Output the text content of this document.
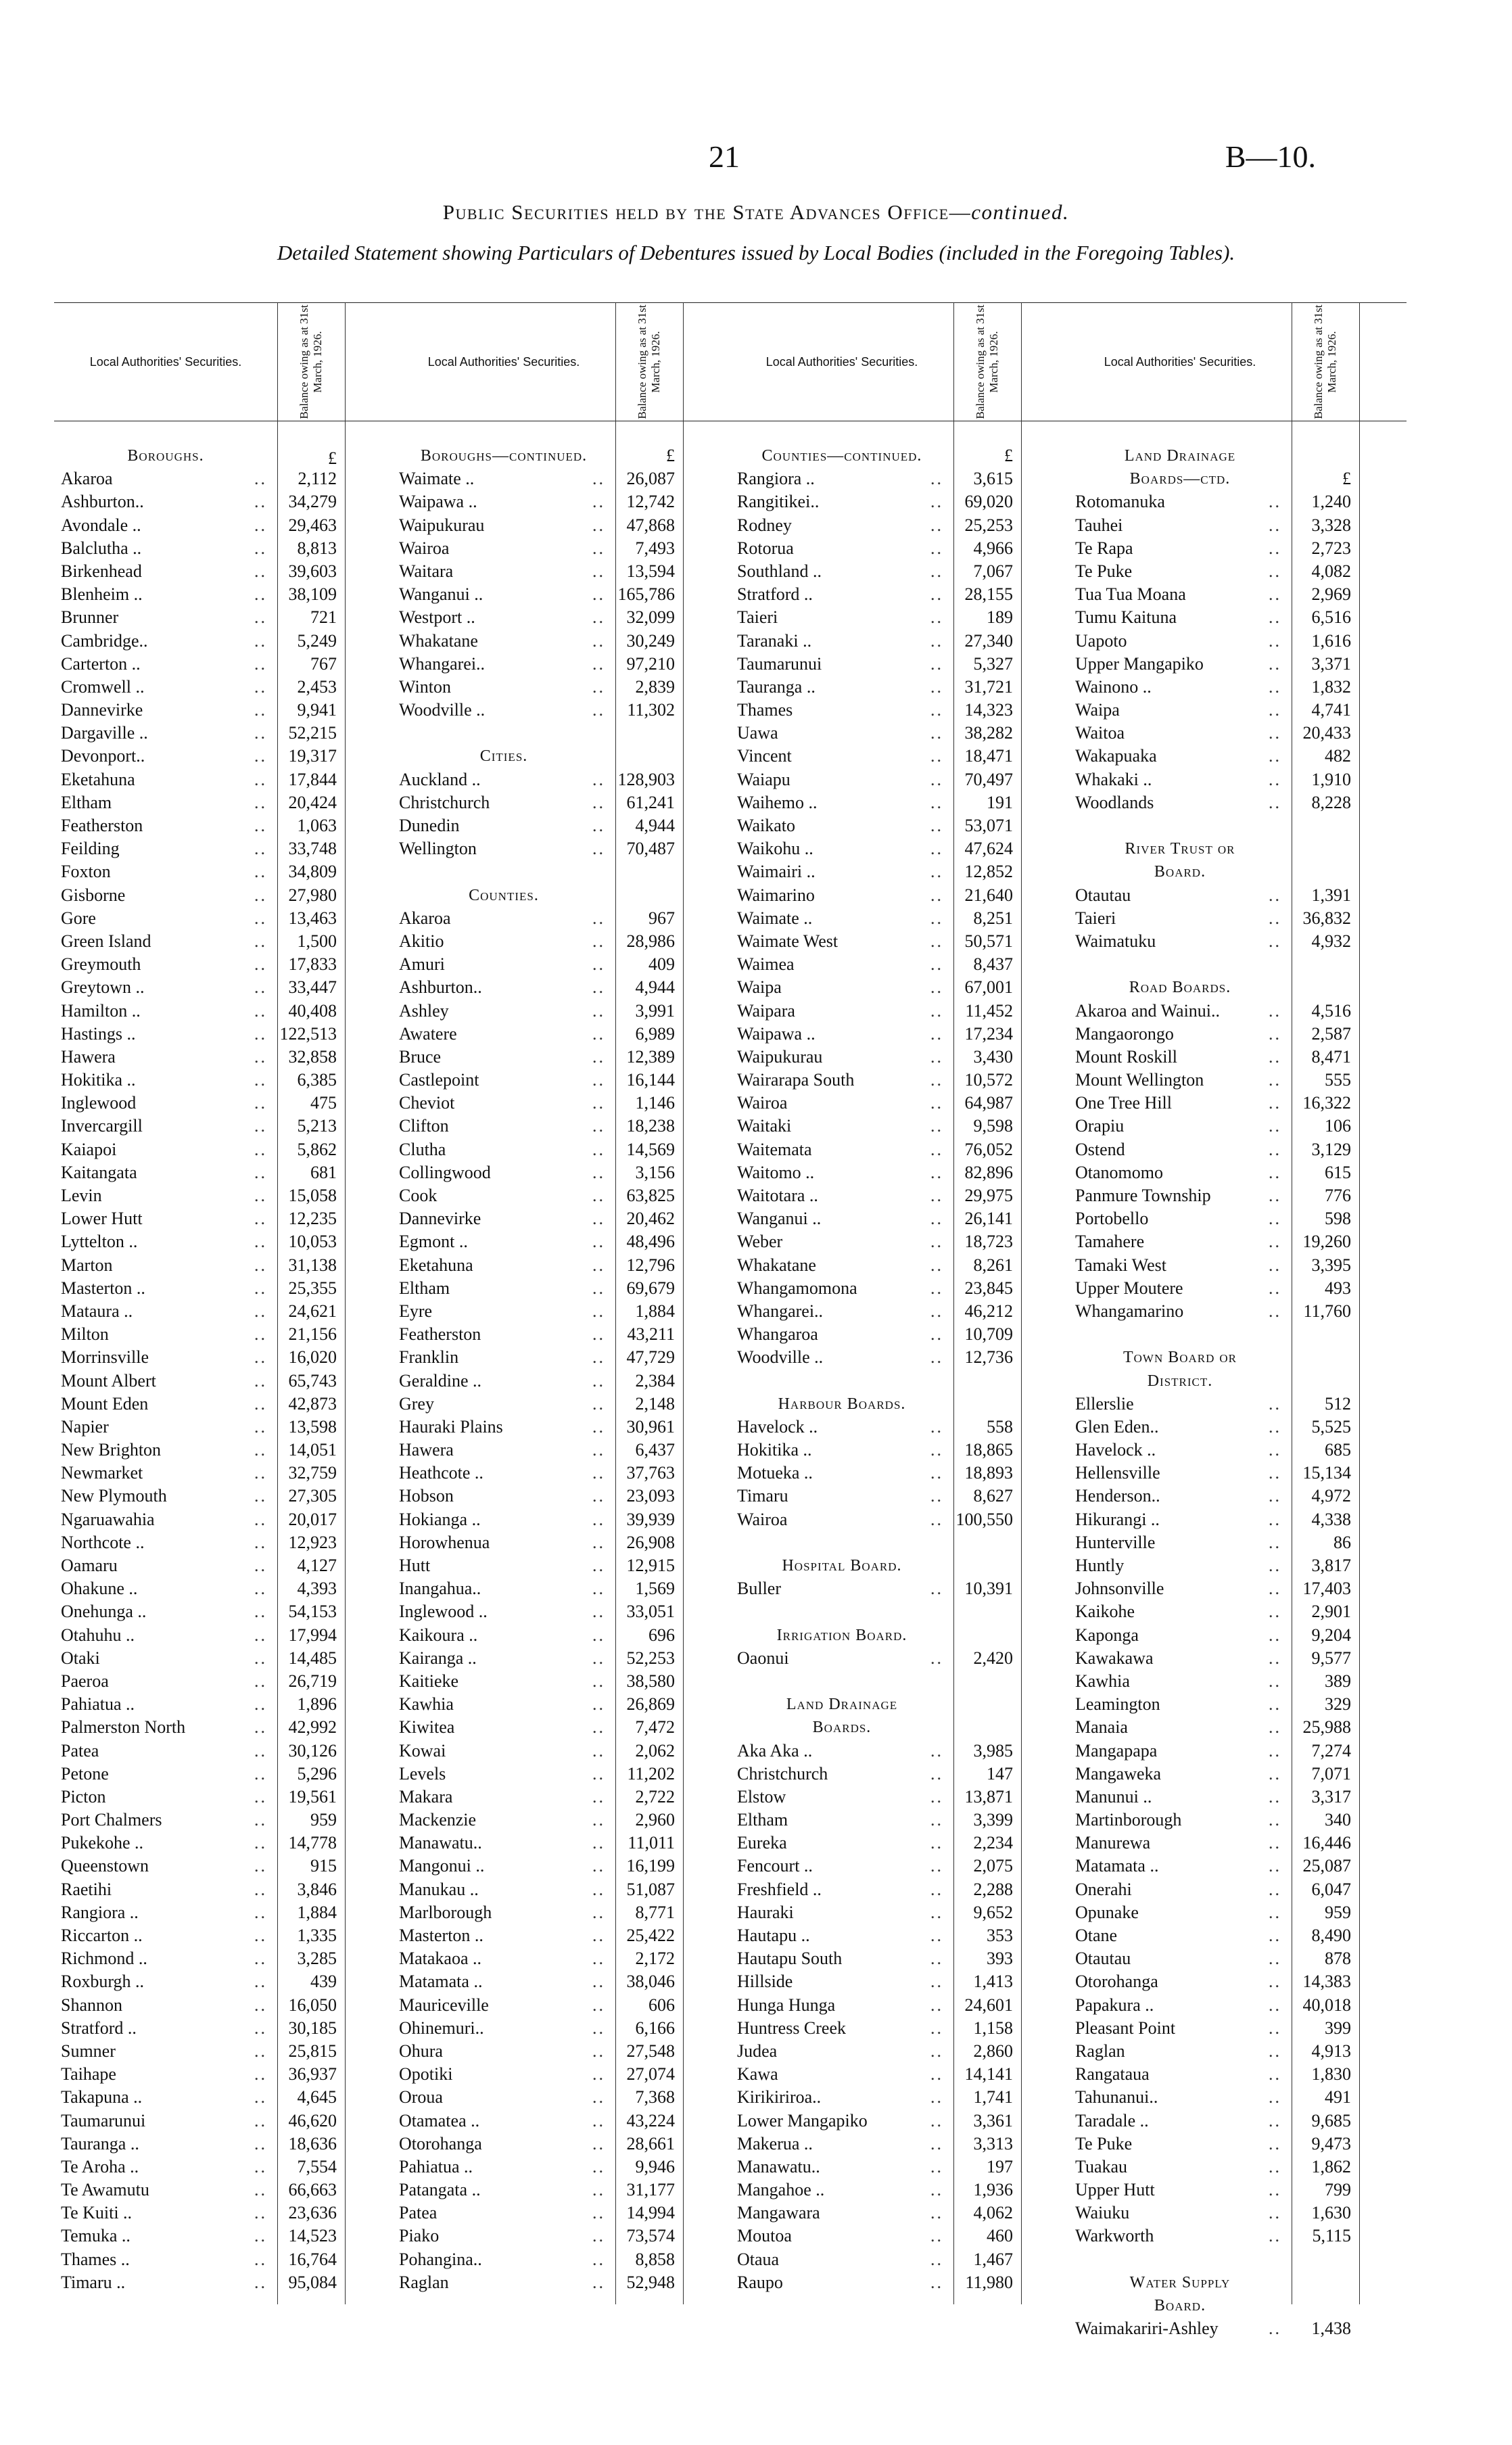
21	B—10.
Public Securities held by the State Advances Office—continued.
Detailed Statement showing Particulars of Debentures issued by Local Bodies (included in the Foregoing Tables).
Local Authorities' Securities.	Balance owing as at 31st March, 1926.
Boroughs.
Akaroa	..	2,112
£
Ashburton..	..	34,279
Avondale ..	..	29,463
Balclutha ..	..	8,813
Birkenhead	..	39,603
Blenheim ..	..	38,109
Brunner	..	721
Cambridge..	..	5,249
Carterton ..	..	767
Cromwell ..	..	2,453
Dannevirke	..	9,941
Dargaville ..	..	52,215
Devonport..	..	19,317
Eketahuna	..	17,844
Eltham	..	20,424
Featherston	..	1,063
Feilding	..	33,748
Foxton	..	34,809
Gisborne	..	27,980
Gore	..	13,463
Green Island	..	1,500
Greymouth	..	17,833
Greytown ..	..	33,447
Hamilton ..	..	40,408
Hastings ..	.. 122,513
Hawera	..	32,858
Hokitika ..	..	6,385
Inglewood	..	475
Invercargill	..	5,213
Kaiapoi	..	5,862
Kaitangata	..	681
Levin	..	15,058
Lower Hutt	..	12,235
Lyttelton ..	..	10,053
Marton	..	31,138
Masterton ..	..	25,355
Mataura ..	..	24,621
Milton	..	21,156
Morrinsville	..	16,020
Mount Albert	..	65,743
Mount Eden	..	42,873
Napier	..	13,598
New Brighton	..	14,051
Newmarket	..	32,759
New Plymouth	..	27,305
Ngaruawahia	..	20,017
Northcote ..	..	12,923
Oamaru	..	4,127
Ohakune ..	..	4,393
Onehunga ..	..	54,153
Otahuhu ..	..	17,994
Otaki	..	14,485
Paeroa	..	26,719
Pahiatua ..	..	1,896
Palmerston North	..	42,992
Patea	..	30,126
Petone	..	5,296
Picton	..	19,561
Port Chalmers	..	959
Pukekohe ..	..	14,778
Queenstown	..	915
Raetihi	..	3,846
Rangiora ..	..	1,884
Riccarton ..	..	1,335
Richmond ..	..	3,285
Roxburgh ..	..	439
Shannon	..	16,050
Stratford ..	..	30,185
Sumner	..	25,815
Taihape	..	36,937
Takapuna ..	..	4,645
Taumarunui	..	46,620
Tauranga ..	..	18,636
Te Aroha ..	..	7,554
Te Awamutu	..	66,663
Te Kuiti ..	..	23,636
Temuka ..	..	14,523
Thames ..	..	16,764
Timaru ..	..	95,084
Local Authorities' Securities.	Balance owing as at 31st March, 1926.
Boroughs—continued.	£
Waimate ..	..	26,087
Waipawa ..	..	12,742
Waipukurau	..	47,868
Wairoa	..	7,493
Waitara	..	13,594
Wanganui ..	.. 165,786
Westport ..	..	32,099
Whakatane	..	30,249
Whangarei..	..	97,210
Winton	..	2,839
Woodville ..	..	11,302
Cities.
Auckland ..	.. 128,903
Christchurch	..	61,241
Dunedin	..	4,944
Wellington	..	70,487
Counties.
Akaroa	..	967
Akitio	..	28,986
Amuri	..	409
Ashburton..	..	4,944
Ashley	..	3,991
Awatere	..	6,989
Bruce	..	12,389
Castlepoint	..	16,144
Cheviot	..	1,146
Clifton	..	18,238
Clutha	..	14,569
Collingwood	..	3,156
Cook	..	63,825
Dannevirke	..	20,462
Egmont ..	..	48,496
Eketahuna	..	12,796
Eltham	..	69,679
Eyre	..	1,884
Featherston	..	43,211
Franklin	..	47,729
Geraldine ..	..	2,384
Grey	..	2,148
Hauraki Plains	..	30,961
Hawera	..	6,437
Heathcote ..	..	37,763
Hobson	..	23,093
Hokianga ..	..	39,939
Horowhenua	..	26,908
Hutt	..	12,915
Inangahua..	..	1,569
Inglewood ..	..	33,051
Kaikoura ..	..	696
Kairanga ..	..	52,253
Kaitieke	..	38,580
Kawhia	..	26,869
Kiwitea	..	7,472
Kowai	..	2,062
Levels	..	11,202
Makara	..	2,722
Mackenzie	..	2,960
Manawatu..	..	11,011
Mangonui ..	..	16,199
Manukau ..	..	51,087
Marlborough	..	8,771
Masterton ..	..	25,422
Matakaoa ..	..	2,172
Matamata ..	..	38,046
Mauriceville	..	606
Ohinemuri..	..	6,166
Ohura	..	27,548
Opotiki	..	27,074
Oroua	..	7,368
Otamatea ..	..	43,224
Otorohanga	..	28,661
Pahiatua ..	..	9,946
Patangata ..	..	31,177
Patea	..	14,994
Piako	..	73,574
Pohangina..	..	8,858
Raglan	..	52,948
Local Authorities' Securities.	Balance owing as at 31st March, 1926.
Counties—continued.	£
Rangiora ..	..	3,615
Rangitikei..	..	69,020
Rodney	..	25,253
Rotorua	..	4,966
Southland ..	..	7,067
Stratford ..	..	28,155
Taieri	..	189
Taranaki ..	..	27,340
Taumarunui	..	5,327
Tauranga ..	..	31,721
Thames	..	14,323
Uawa	..	38,282
Vincent	..	18,471
Waiapu	..	70,497
Waihemo ..	..	191
Waikato	..	53,071
Waikohu ..	..	47,624
Waimairi ..	..	12,852
Waimarino	..	21,640
Waimate ..	..	8,251
Waimate West	..	50,571
Waimea	..	8,437
Waipa	..	67,001
Waipara	..	11,452
Waipawa ..	..	17,234
Waipukurau	..	3,430
Wairarapa South	..	10,572
Wairoa	..	64,987
Waitaki	..	9,598
Waitemata	..	76,052
Waitomo ..	..	82,896
Waitotara ..	..	29,975
Wanganui ..	..	26,141
Weber	..	18,723
Whakatane	..	8,261
Whangamomona	..	23,845
Whangarei..	..	46,212
Whangaroa	..	10,709
Woodville ..	..	12,736
Harbour Boards.
Havelock ..	..	558
Hokitika ..	..	18,865
Motueka ..	..	18,893
Timaru	..	8,627
Wairoa	.. 100,550
Hospital Board.
Buller	..	10,391
Irrigation Board.
Oaonui	..	2,420
Land Drainage
Boards.
Aka Aka ..	..	3,985
Christchurch	..	147
Elstow	..	13,871
Eltham	..	3,399
Eureka	..	2,234
Fencourt ..	..	2,075
Freshfield ..	..	2,288
Hauraki	..	9,652
Hautapu ..	..	353
Hautapu South	..	393
Hillside	..	1,413
Hunga Hunga	..	24,601
Huntress Creek	..	1,158
Judea	..	2,860
Kawa	..	14,141
Kirikiriroa..	..	1,741
Lower Mangapiko	..	3,361
Makerua ..	..	3,313
Manawatu..	..	197
Mangahoe ..	..	1,936
Mangawara	..	4,062
Moutoa	..	460
Otaua	..	1,467
Raupo	..	11,980
Local Authorities' Securities.	Balance owing as at 31st March, 1926.
Land Drainage
Boards—ctd.	£
Rotomanuka	..	1,240
Tauhei	..	3,328
Te Rapa	..	2,723
Te Puke	..	4,082
Tua Tua Moana	..	2,969
Tumu Kaituna	..	6,516
Uapoto	..	1,616
Upper Mangapiko	..	3,371
Wainono ..	..	1,832
Waipa	..	4,741
Waitoa	..	20,433
Wakapuaka	..	482
Whakaki ..	..	1,910
Woodlands	..	8,228
River Trust or
Board.
Otautau	..	1,391
Taieri	..	36,832
Waimatuku	..	4,932
Road Boards.
Akaroa and Wainui..	..	4,516
Mangaorongo	..	2,587
Mount Roskill	..	8,471
Mount Wellington	..	555
One Tree Hill	..	16,322
Orapiu	..	106
Ostend	..	3,129
Otanomomo	..	615
Panmure Township	..	776
Portobello	..	598
Tamahere	..	19,260
Tamaki West	..	3,395
Upper Moutere	..	493
Whangamarino	..	11,760
Town Board or
District.
Ellerslie	..	512
Glen Eden..	..	5,525
Havelock ..	..	685
Hellensville	..	15,134
Henderson..	..	4,972
Hikurangi ..	..	4,338
Hunterville	..	86
Huntly	..	3,817
Johnsonville	..	17,403
Kaikohe	..	2,901
Kaponga	..	9,204
Kawakawa	..	9,577
Kawhia	..	389
Leamington	..	329
Manaia	..	25,988
Mangapapa	..	7,274
Mangaweka	..	7,071
Manunui ..	..	3,317
Martinborough	..	340
Manurewa	..	16,446
Matamata ..	..	25,087
Onerahi	..	6,047
Opunake	..	959
Otane	..	8,490
Otautau	..	878
Otorohanga	..	14,383
Papakura ..	..	40,018
Pleasant Point	..	399
Raglan	..	4,913
Rangataua	..	1,830
Tahunanui..	..	491
Taradale ..	..	9,685
Te Puke	..	9,473
Tuakau	..	1,862
Upper Hutt	..	799
Waiuku	..	1,630
Warkworth	..	5,115
Water Supply
Board.
Waimakariri-Ashley	..	1,438
